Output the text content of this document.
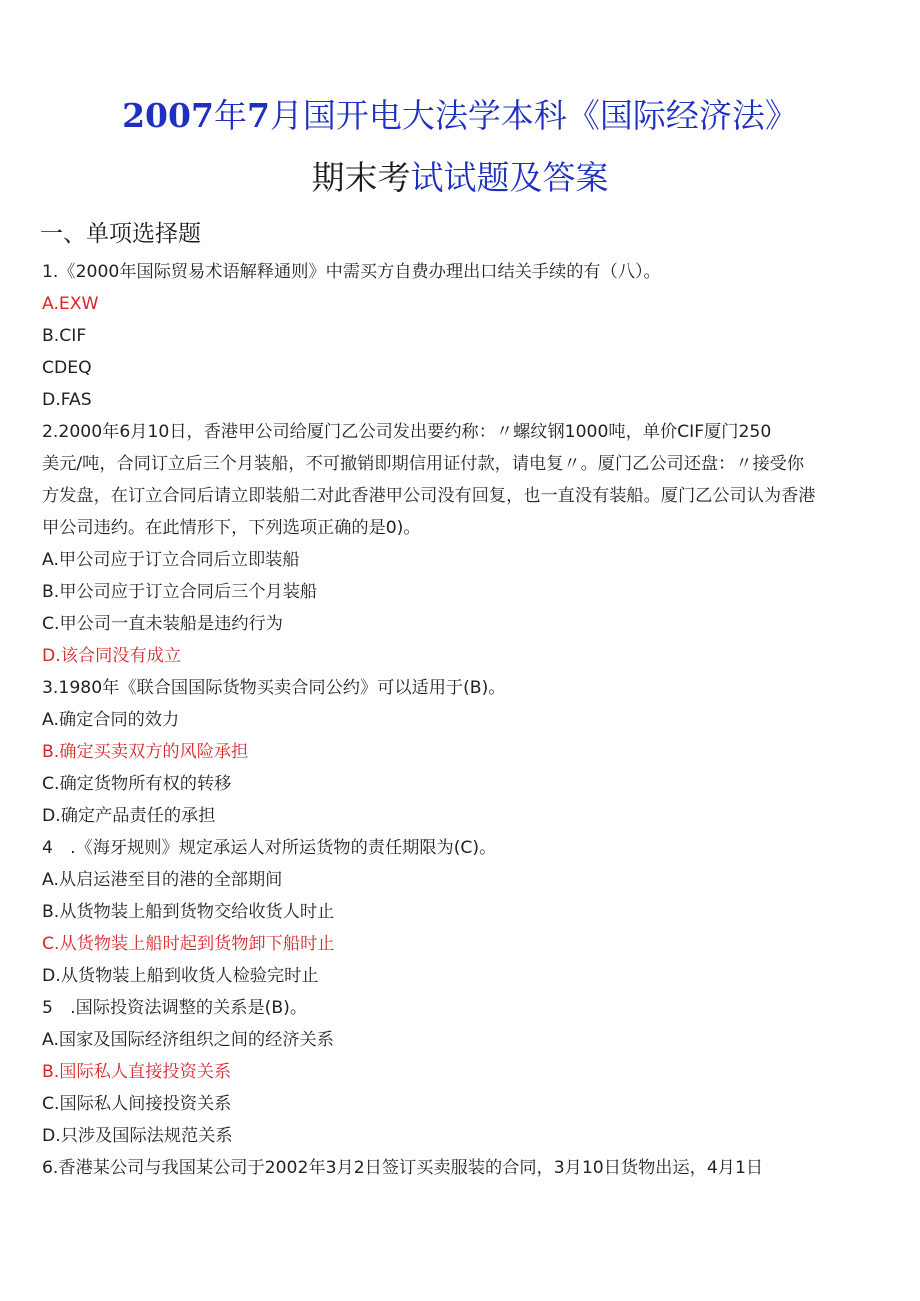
2007年7月国开电大法学本科《国际经济法》
期末考试试题及答案
一、单项选择题
1.《2000年国际贸易术语解释通则》中需买方自费办理出口结关手续的有（八）。
A.EXW
B.CIF
CDEQ
D.FAS
2.2000年6月10日，香港甲公司给厦门乙公司发出要约称：〃螺纹钢1000吨，单价CIF厦门250
美元/吨，合同订立后三个月装船，不可撤销即期信用证付款，请电复〃。厦门乙公司还盘：〃接受你
方发盘，在订立合同后请立即装船二对此香港甲公司没有回复，也一直没有装船。厦门乙公司认为香港
甲公司违约。在此情形下，下列选项正确的是0)。
A.甲公司应于订立合同后立即装船
B.甲公司应于订立合同后三个月装船
C.甲公司一直未装船是违约行为
D.该合同没有成立
3.1980年《联合国国际货物买卖合同公约》可以适用于(B)。
A.确定合同的效力
B.确定买卖双方的风险承担
C.确定货物所有权的转移
D.确定产品责任的承担
4　.《海牙规则》规定承运人对所运货物的责任期限为(C)。
A.从启运港至目的港的全部期间
B.从货物装上船到货物交给收货人时止
C.从货物装上船时起到货物卸下船时止
D.从货物装上船到收货人检验完时止
5　.国际投资法调整的关系是(B)。
A.国家及国际经济组织之间的经济关系
B.国际私人直接投资关系
C.国际私人间接投资关系
D.只涉及国际法规范关系
6.香港某公司与我国某公司于2002年3月2日签订买卖服装的合同，3月10日货物出运，4月1日
